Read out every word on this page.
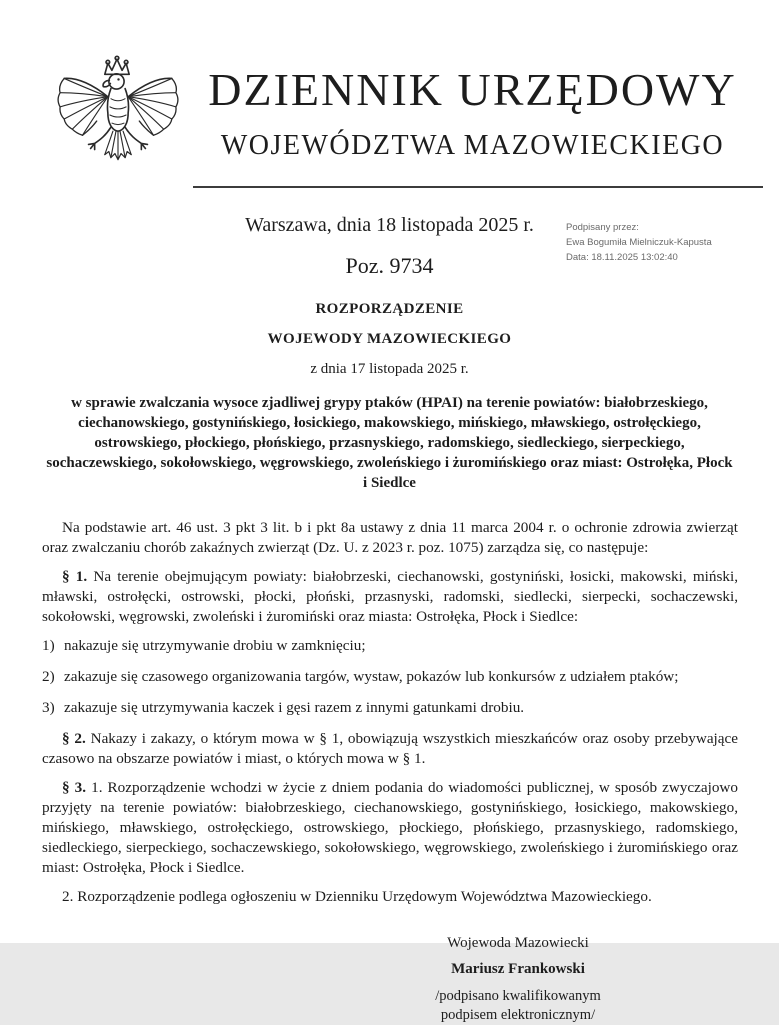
DZIENNIK URZĘDOWY
WOJEWÓDZTWA MAZOWIECKIEGO
Warszawa, dnia 18 listopada 2025 r.	Podpisany przez:
Ewa Bogumiła Mielniczuk-Kapusta
Data: 18.11.2025 13:02:40
Poz. 9734
ROZPORZĄDZENIE
WOJEWODY MAZOWIECKIEGO
z dnia 17 listopada 2025 r.
w sprawie zwalczania wysoce zjadliwej grypy ptaków (HPAI) na terenie powiatów: białobrzeskiego, ciechanowskiego, gostynińskiego, łosickiego, makowskiego, mińskiego, mławskiego, ostrołęckiego, ostrowskiego, płockiego, płońskiego, przasnyskiego, radomskiego, siedleckiego, sierpeckiego, sochaczewskiego, sokołowskiego, węgrowskiego, zwoleńskiego i żuromińskiego oraz miast: Ostrołęka, Płock i Siedlce

Na podstawie art. 46 ust. 3 pkt 3 lit. b i pkt 8a ustawy z dnia 11 marca 2004 r. o ochronie zdrowia zwierząt oraz zwalczaniu chorób zakaźnych zwierząt (Dz. U. z 2023 r. poz. 1075) zarządza się, co następuje:

§ 1. Na terenie obejmującym powiaty: białobrzeski, ciechanowski, gostyniński, łosicki, makowski, miński, mławski, ostrołęcki, ostrowski, płocki, płoński, przasnyski, radomski, siedlecki, sierpecki, sochaczewski, sokołowski, węgrowski, zwoleński i żuromiński oraz miasta: Ostrołęka, Płock i Siedlce:

1) nakazuje się utrzymywanie drobiu w zamknięciu;

2) zakazuje się czasowego organizowania targów, wystaw, pokazów lub konkursów z udziałem ptaków;

3) zakazuje się utrzymywania kaczek i gęsi razem z innymi gatunkami drobiu.

§ 2. Nakazy i zakazy, o którym mowa w § 1, obowiązują wszystkich mieszkańców oraz osoby przebywające czasowo na obszarze powiatów i miast, o których mowa w § 1.

§ 3. 1. Rozporządzenie wchodzi w życie z dniem podania do wiadomości publicznej, w sposób zwyczajowo przyjęty na terenie powiatów: białobrzeskiego, ciechanowskiego, gostynińskiego, łosickiego, makowskiego, mińskiego, mławskiego, ostrołęckiego, ostrowskiego, płockiego, płońskiego, przasnyskiego, radomskiego, siedleckiego, sierpeckiego, sochaczewskiego, sokołowskiego, węgrowskiego, zwoleńskiego i żuromińskiego oraz miast: Ostrołęka, Płock i Siedlce.

2. Rozporządzenie podlega ogłoszeniu w Dzienniku Urzędowym Województwa Mazowieckiego.

Wojewoda Mazowiecki
Mariusz Frankowski
/podpisano kwalifikowanym
podpisem elektronicznym/
